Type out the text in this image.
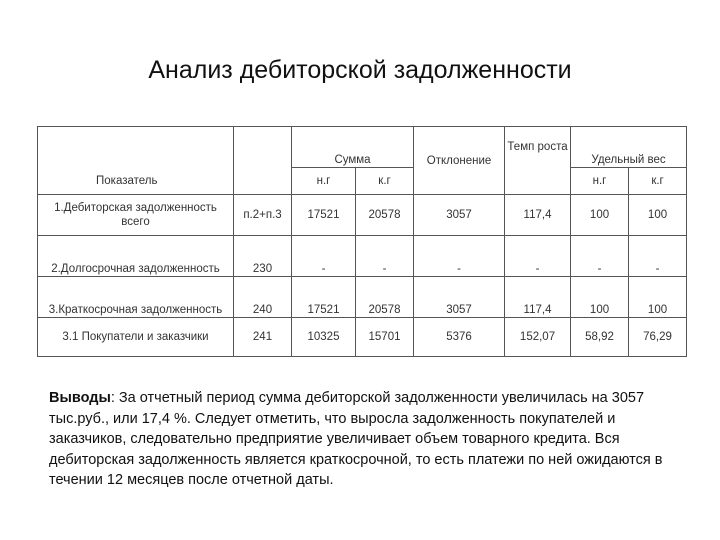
Анализ дебиторской задолженности
		Сумма		Отклонение	Темп роста	Удельный вес	
Показатель		н.г	к.г			н.г	к.г
1.Дебиторская задолженность всего	п.2+п.3	17521	20578	3057	117,4	100	100
2.Долгосрочная задолженность	230	-	-	-	-	-	-
3.Краткосрочная задолженность	240	17521	20578	3057	117,4	100	100
3.1 Покупатели и заказчики	241	10325	15701	5376	152,07	58,92	76,29
Выводы: За отчетный период сумма дебиторской задолженности увеличилась на 3057 тыс.руб., или 17,4 %. Следует отметить, что выросла задолженность покупателей и заказчиков, следовательно предприятие увеличивает объем товарного кредита. Вся дебиторская задолженность является краткосрочной, то есть платежи по ней ожидаются в течении 12 месяцев после отчетной даты.
